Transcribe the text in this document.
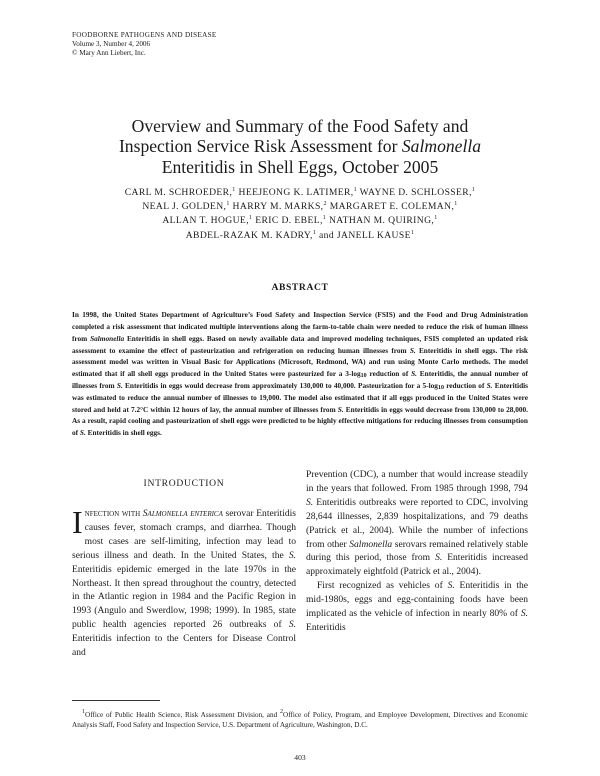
FOODBORNE PATHOGENS AND DISEASE
Volume 3, Number 4, 2006
© Mary Ann Liebert, Inc.
Overview and Summary of the Food Safety and
Inspection Service Risk Assessment for Salmonella
Enteritidis in Shell Eggs, October 2005
CARL M. SCHROEDER,$^1$ HEEJEONG K. LATIMER,$^1$ WAYNE D. SCHLOSSER,$^1$
NEAL J. GOLDEN,$^1$ HARRY M. MARKS,$^2$ MARGARET E. COLEMAN,$^1$
ALLAN T. HOGUE,$^1$ ERIC D. EBEL,$^1$ NATHAN M. QUIRING,$^1$
ABDEL-RAZAK M. KADRY,$^1$ and JANELL KAUSE$^1$
ABSTRACT

In 1998, the United States Department of Agriculture’s Food Safety and Inspection Service (FSIS) and the Food and Drug Administration completed a risk assessment that indicated multiple interventions along the farm-to-table chain were needed to reduce the risk of human illness from Salmonella Enteritidis in shell eggs. Based on newly available data and improved modeling techniques, FSIS completed an updated risk assessment to examine the effect of pasteurization and refrigeration on reducing human illnesses from S. Enteritidis in shell eggs. The risk assessment model was written in Visual Basic for Applications (Microsoft, Redmond, WA) and run using Monte Carlo methods. The model estimated that if all shell eggs produced in the United States were pasteurized for a $3-\log_{10}$ reduction of S. Enteritidis, the annual number of illnesses from S. Enteritidis in eggs would decrease from approximately 130,000 to 40,000. Pasteurization for a $5-\log_{10}$ reduction of S. Enteritidis was estimated to reduce the annual number of illnesses to 19,000. The model also estimated that if all eggs produced in the United States were stored and held at 7.2°C within 12 hours of lay, the annual number of illnesses from S. Enteritidis in eggs would decrease from 130,000 to 28,000. As a result, rapid cooling and pasteurization of shell eggs were predicted to be highly effective mitigations for reducing illnesses from consumption of S. Enteritidis in shell eggs.

INTRODUCTION

Infection with Salmonella enterica serovar Enteritidis causes fever, stomach cramps, and diarrhea. Though most cases are self-limiting, infection may lead to serious illness and death. In the United States, the S. Enteritidis epidemic emerged in the late 1970s in the Northeast. It then spread throughout the country, detected in the Atlantic region in 1984 and the Pacific Region in 1993 (Angulo and Swerdlow, 1998; 1999). In 1985, state public health agencies reported 26 outbreaks of S. Enteritidis infection to the Centers for Disease Control and

Prevention (CDC), a number that would increase steadily in the years that followed. From 1985 through 1998, 794 S. Enteritidis outbreaks were reported to CDC, involving 28,644 illnesses, 2,839 hospitalizations, and 79 deaths (Patrick et al., 2004). While the number of infections from other Salmonella serovars remained relatively stable during this period, those from S. Enteritidis increased approximately eightfold (Patrick et al., 2004).

First recognized as vehicles of S. Enteritidis in the mid-1980s, eggs and egg-containing foods have been implicated as the vehicle of infection in nearly 80% of S. Enteritidis

$^1$Office of Public Health Science, Risk Assessment Division, and $^2$Office of Policy, Program, and Employee Development, Directives and Economic Analysis Staff, Food Safety and Inspection Service, U.S. Department of Agriculture, Washington, D.C.

403
